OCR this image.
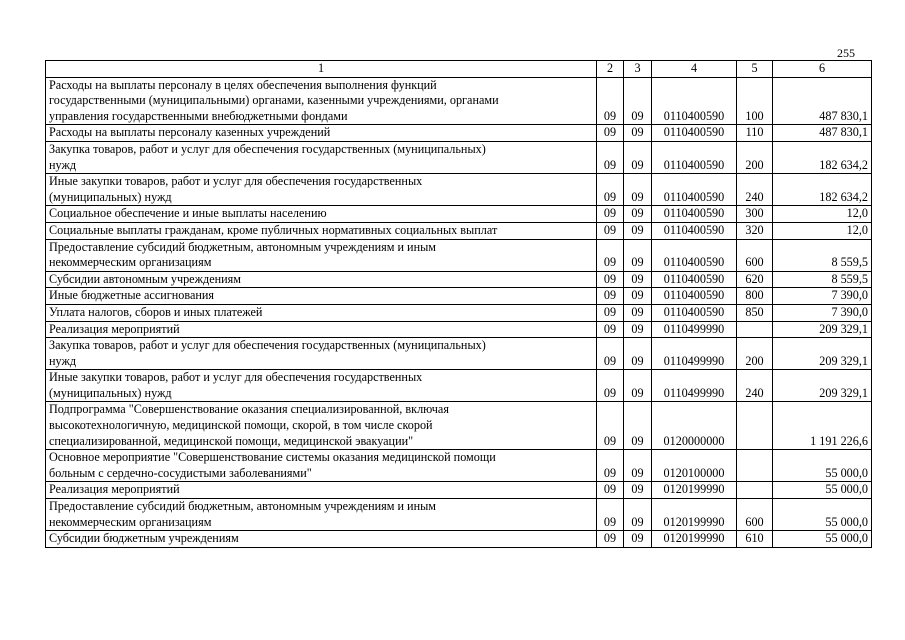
255
1	2	3	4	5	6

Расходы на выплаты персоналу в целях обеспечения выполнения функций
государственными (муниципальными) органами, казенными учреждениями, органами
управления государственными внебюджетными фондами	09	09	0110400590	100	487 830,1

Расходы на выплаты персоналу казенных учреждений	09	09	0110400590	110	487 830,1

Закупка товаров, работ и услуг для обеспечения государственных (муниципальных)
нужд	09	09	0110400590	200	182 634,2

Иные закупки товаров, работ и услуг для обеспечения государственных
(муниципальных) нужд	09	09	0110400590	240	182 634,2

Социальное обеспечение и иные выплаты населению	09	09	0110400590	300	12,0

Социальные выплаты гражданам, кроме публичных нормативных социальных выплат	09	09	0110400590	320	12,0

Предоставление субсидий бюджетным, автономным учреждениям и иным
некоммерческим организациям	09	09	0110400590	600	8 559,5

Субсидии автономным учреждениям	09	09	0110400590	620	8 559,5

Иные бюджетные ассигнования	09	09	0110400590	800	7 390,0

Уплата налогов, сборов и иных платежей	09	09	0110400590	850	7 390,0

Реализация мероприятий	09	09	0110499990		209 329,1

Закупка товаров, работ и услуг для обеспечения государственных (муниципальных)
нужд	09	09	0110499990	200	209 329,1

Иные закупки товаров, работ и услуг для обеспечения государственных
(муниципальных) нужд	09	09	0110499990	240	209 329,1

Подпрограмма "Совершенствование оказания специализированной, включая
высокотехнологичную, медицинской помощи, скорой, в том числе скорой
специализированной, медицинской помощи, медицинской эвакуации"	09	09	0120000000		1 191 226,6

Основное мероприятие "Совершенствование системы оказания медицинской помощи
больным с сердечно-сосудистыми заболеваниями"	09	09	0120100000		55 000,0

Реализация мероприятий	09	09	0120199990		55 000,0

Предоставление субсидий бюджетным, автономным учреждениям и иным
некоммерческим организациям	09	09	0120199990	600	55 000,0

Субсидии бюджетным учреждениям	09	09	0120199990	610	55 000,0
